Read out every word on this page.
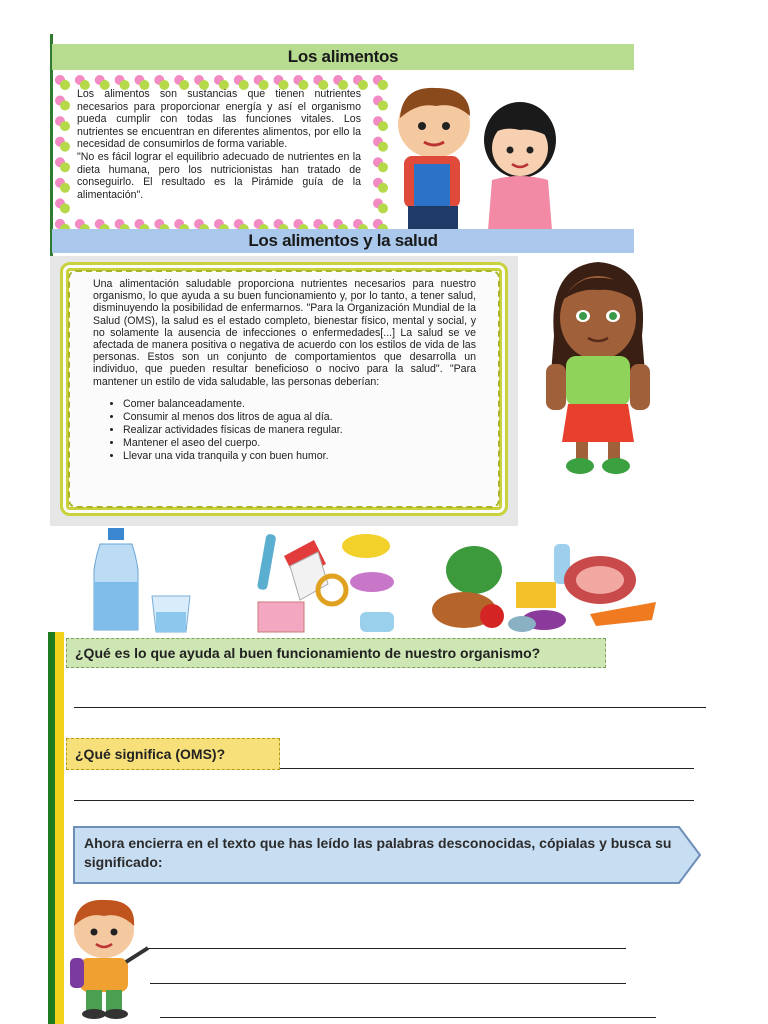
Los alimentos

Los alimentos son sustancias que tienen nutrientes necesarios para proporcionar energía y así el organismo pueda cumplir con todas las funciones vitales. Los nutrientes se encuentran en diferentes alimentos, por ello la necesidad de consumirlos de forma variable.

"No es fácil lograr el equilibrio adecuado de nutrientes en la dieta humana, pero los nutricionistas han tratado de conseguirlo. El resultado es la Pirámide guía de la alimentación".

Los alimentos y la salud
Una alimentación saludable proporciona nutrientes necesarios para nuestro organismo, lo que ayuda a su buen funcionamiento y, por lo tanto, a tener salud, disminuyendo la posibilidad de enfermarnos. "Para la Organización Mundial de la Salud (OMS), la salud es el estado completo, bienestar físico, mental y social, y no solamente la ausencia de infecciones o enfermedades[...] La salud se ve afectada de manera positiva o negativa de acuerdo con los estilos de vida de las personas. Estos son un conjunto de comportamientos que desarrolla un individuo, que pueden resultar beneficioso o nocivo para la salud". "Para mantener un estilo de vida saludable, las personas deberían:
• Comer balanceadamente.
• Consumir al menos dos litros de agua al día.
• Realizar actividades físicas de manera regular.
• Mantener el aseo del cuerpo.
• Llevar una vida tranquila y con buen humor.
¿Qué es lo que ayuda al buen funcionamiento de nuestro organismo?
¿Qué significa (OMS)?
Ahora encierra en el texto que has leído las palabras desconocidas, cópialas y busca su significado:
